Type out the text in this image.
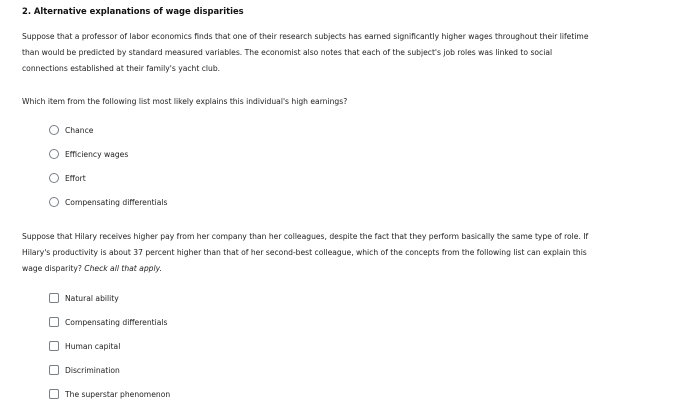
2. Alternative explanations of wage disparities
Suppose that a professor of labor economics finds that one of their research subjects has earned significantly higher wages throughout their lifetime
than would be predicted by standard measured variables. The economist also notes that each of the subject's job roles was linked to social
connections established at their family's yacht club.
Which item from the following list most likely explains this individual's high earnings?
Chance
Efficiency wages
Effort
Compensating differentials
Suppose that Hilary receives higher pay from her company than her colleagues, despite the fact that they perform basically the same type of role. If
Hilary's productivity is about 37 percent higher than that of her second-best colleague, which of the concepts from the following list can explain this
wage disparity? Check all that apply.
Natural ability
Compensating differentials
Human capital
Discrimination
The superstar phenomenon
